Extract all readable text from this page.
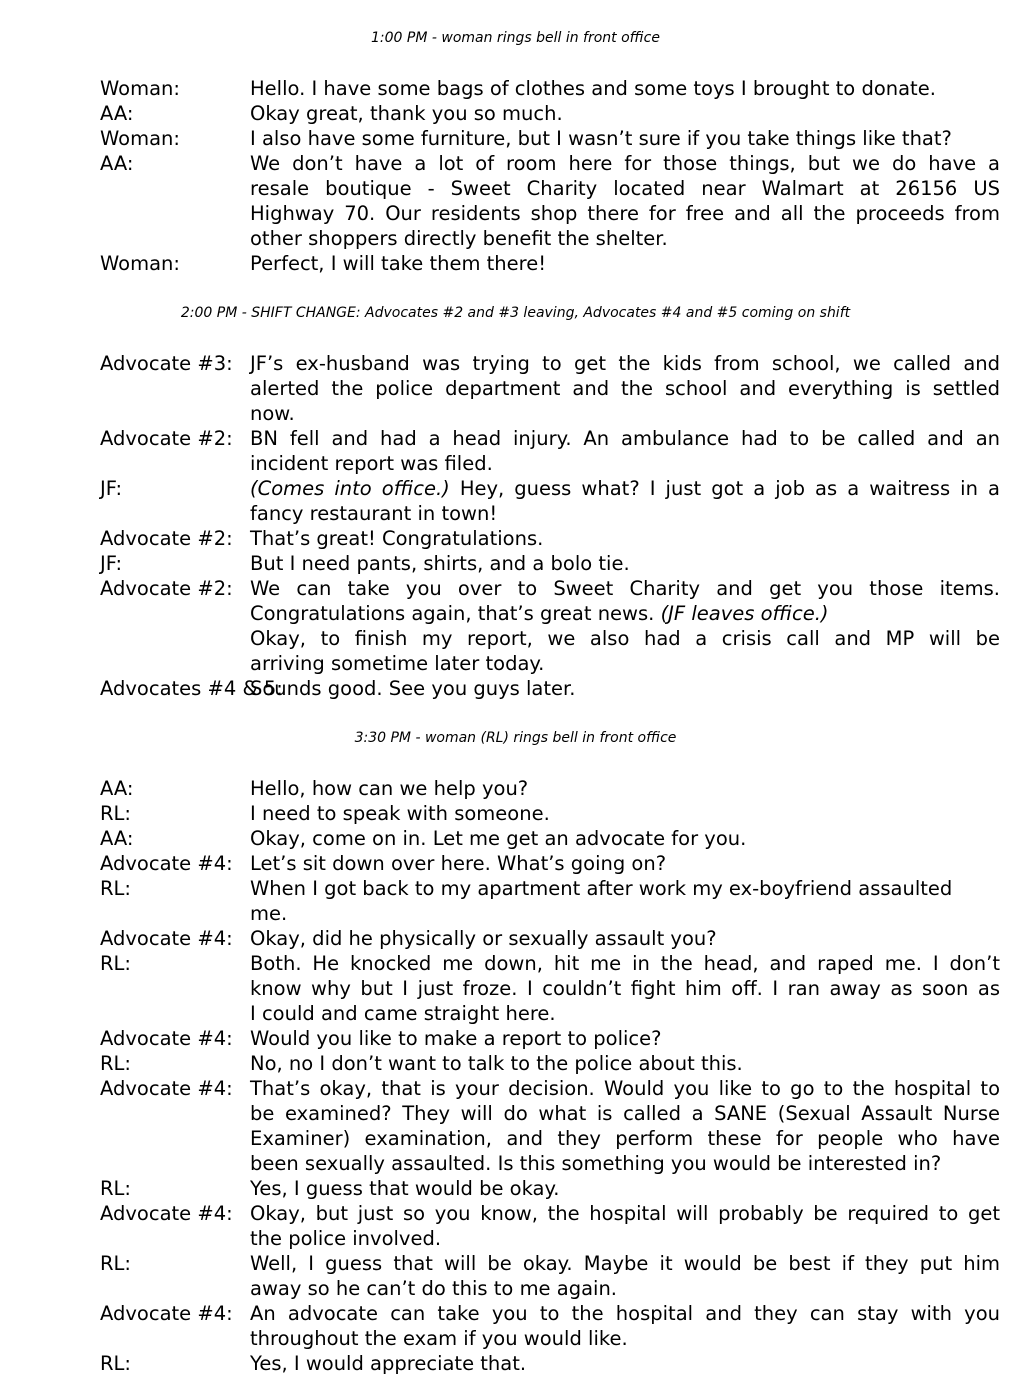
1:00 PM - woman rings bell in front office
Woman:	Hello. I have some bags of clothes and some toys I brought to donate.
AA:	Okay great, thank you so much.
Woman:	I also have some furniture, but I wasn’t sure if you take things like that?
AA:	We don’t have a lot of room here for those things, but we do have a
resale boutique - Sweet Charity located near Walmart at 26156 US
Highway 70. Our residents shop there for free and all the proceeds from
other shoppers directly benefit the shelter.
Woman:	Perfect, I will take them there!
2:00 PM - SHIFT CHANGE: Advocates #2 and #3 leaving, Advocates #4 and #5 coming on shift
Advocate #3: JF’s ex-husband was trying to get the kids from school, we called and
alerted the police department and the school and everything is settled
now.
Advocate #2: BN fell and had a head injury. An ambulance had to be called and an
incident report was filed.
JF:	(Comes into office.) Hey, guess what? I just got a job as a waitress in a
fancy restaurant in town!
Advocate #2: That’s great! Congratulations.
JF:	But I need pants, shirts, and a bolo tie.
Advocate #2: We can take you over to Sweet Charity and get you those items.
Congratulations again, that’s great news. (JF leaves office.)
Okay, to finish my report, we also had a crisis call and MP will be
arriving sometime later today.
Advocates #4 & 5:
Sounds good. See you guys later.
3:30 PM - woman (RL) rings bell in front office
AA:	Hello, how can we help you?
RL:	I need to speak with someone.
AA:	Okay, come on in. Let me get an advocate for you.
Advocate #4: Let’s sit down over here. What’s going on?
RL:	When I got back to my apartment after work my ex-boyfriend assaulted
me.
Advocate #4: Okay, did he physically or sexually assault you?
RL:	Both. He knocked me down, hit me in the head, and raped me. I don’t
know why but I just froze. I couldn’t fight him off. I ran away as soon as
I could and came straight here.
Advocate #4: Would you like to make a report to police?
RL:	No, no I don’t want to talk to the police about this.
Advocate #4: That’s okay, that is your decision. Would you like to go to the hospital to
be examined? They will do what is called a SANE (Sexual Assault Nurse
Examiner) examination, and they perform these for people who have
been sexually assaulted. Is this something you would be interested in?
RL:	Yes, I guess that would be okay.
Advocate #4: Okay, but just so you know, the hospital will probably be required to get
the police involved.
RL:	Well, I guess that will be okay. Maybe it would be best if they put him
away so he can’t do this to me again.
Advocate #4: An advocate can take you to the hospital and they can stay with you
throughout the exam if you would like.
RL:	Yes, I would appreciate that.
